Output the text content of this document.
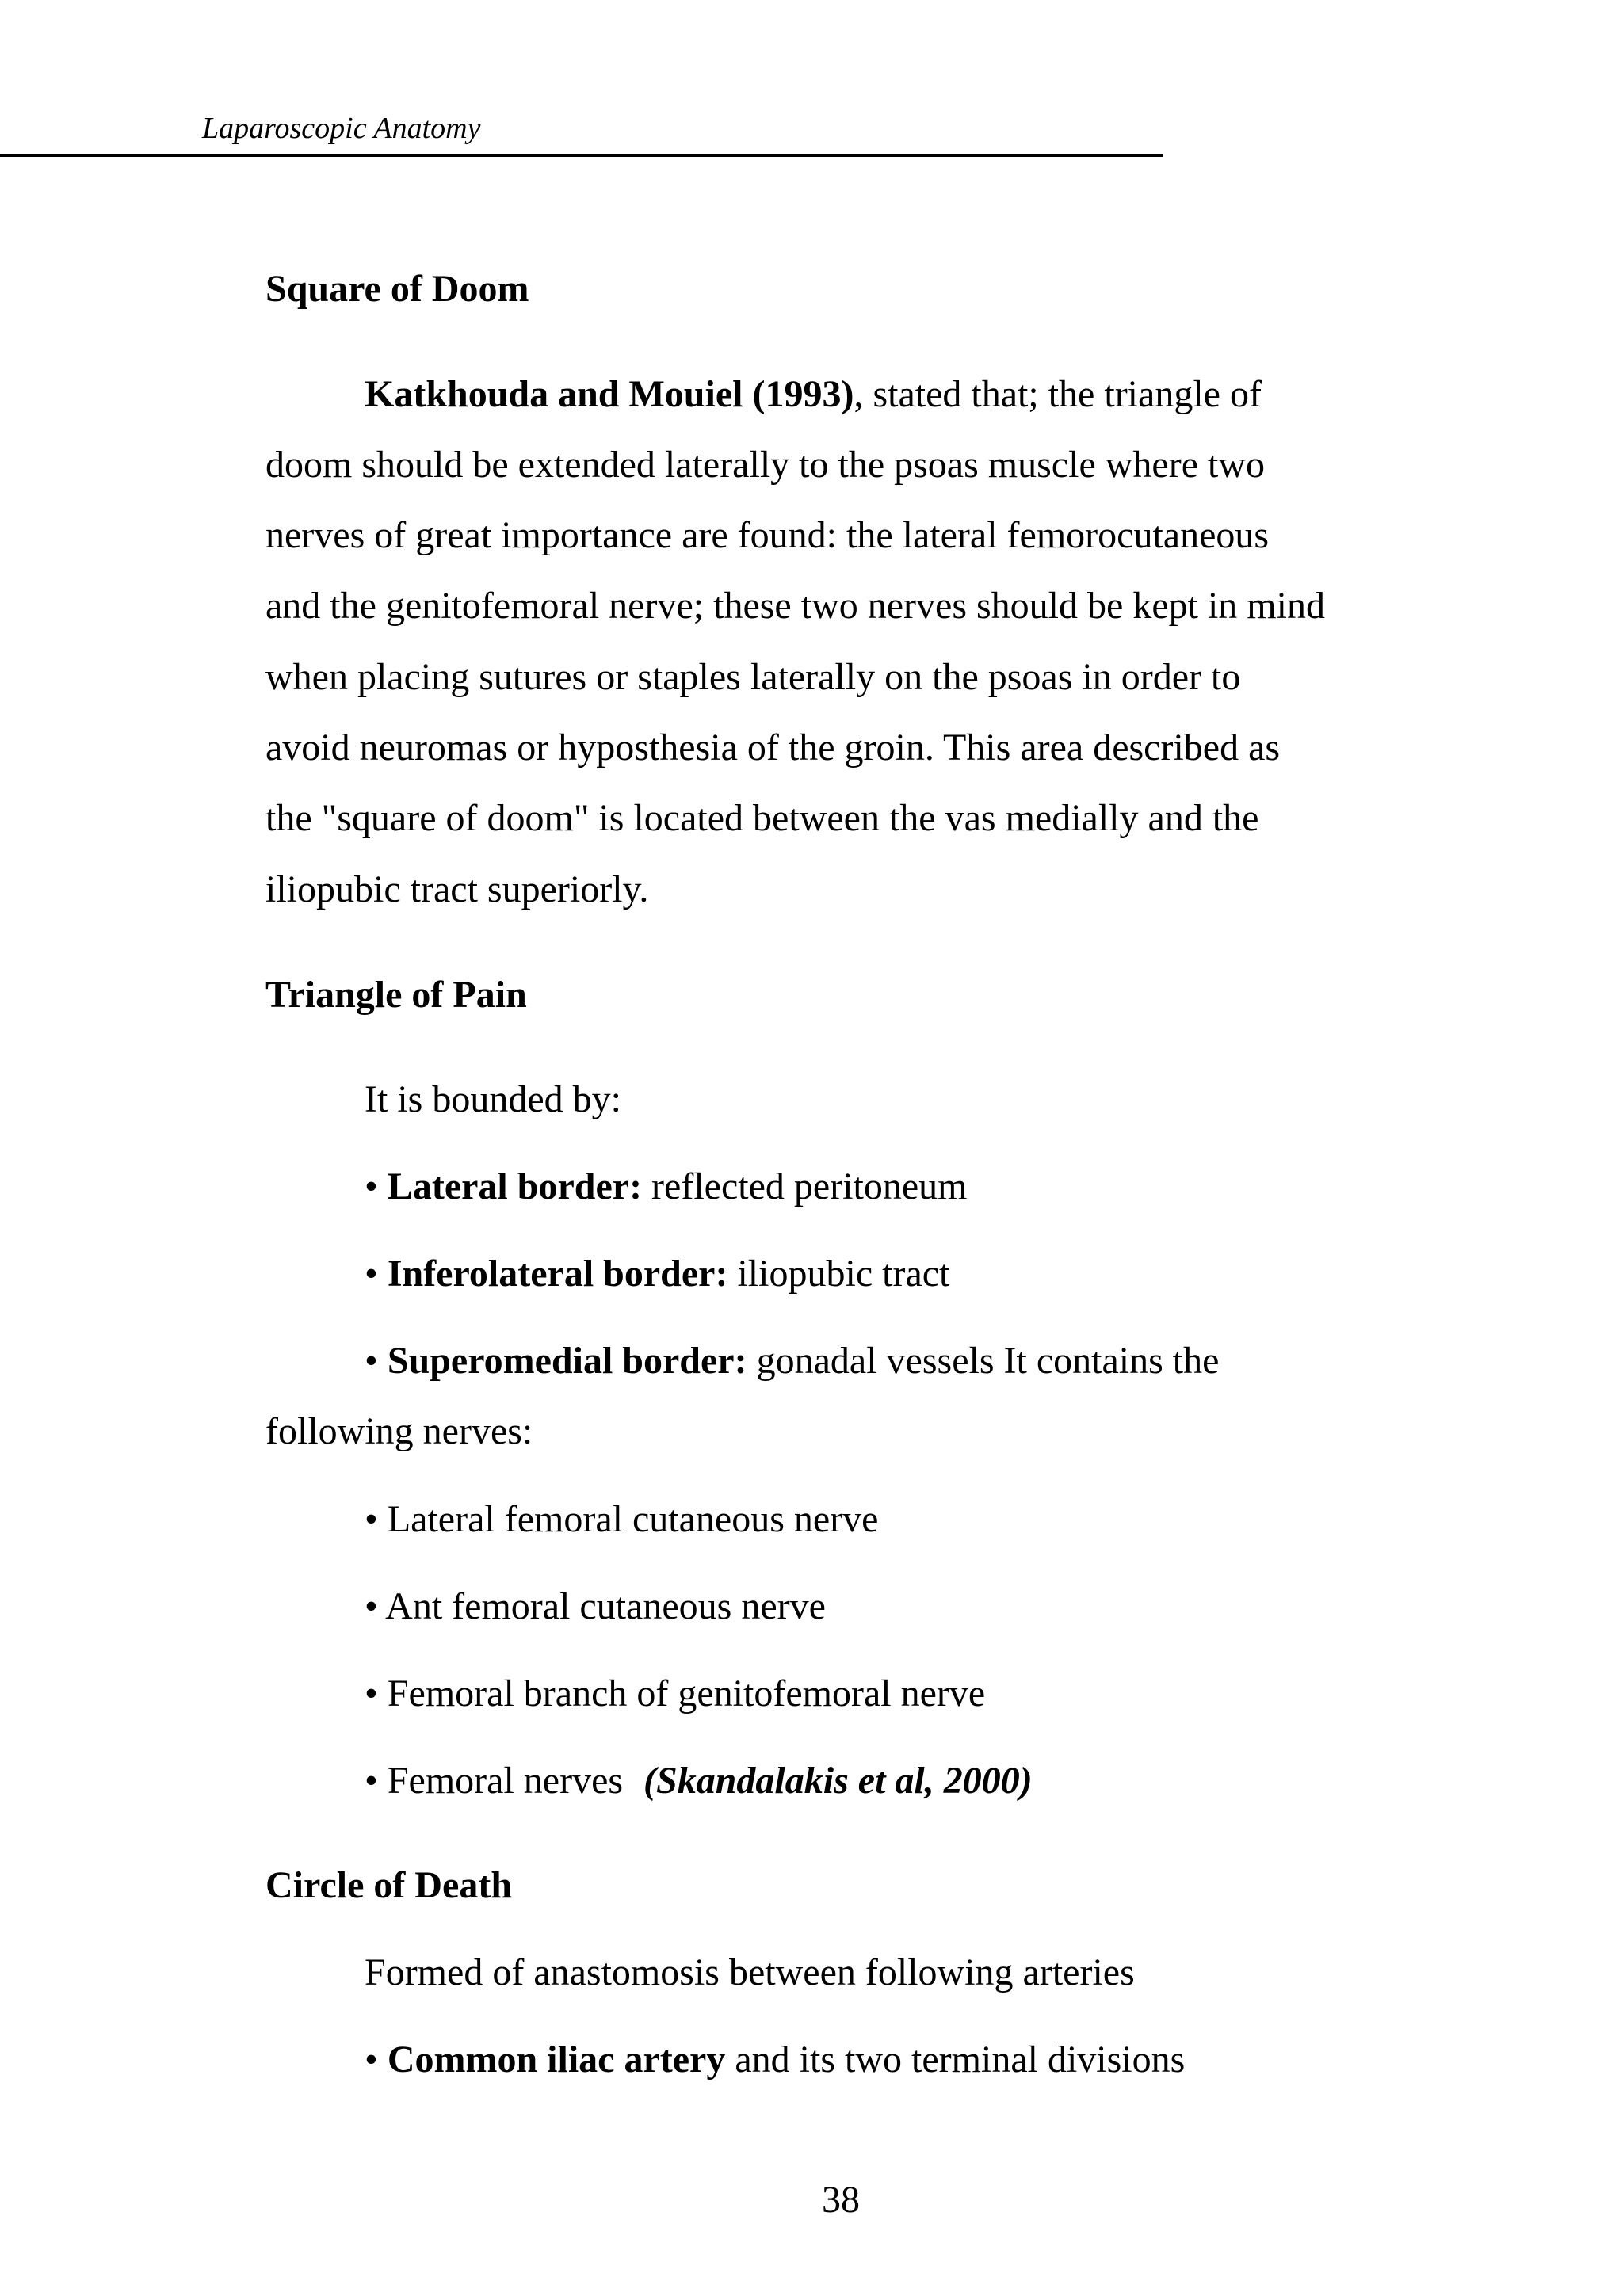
Laparoscopic Anatomy
Square of Doom
Katkhouda and Mouiel (1993), stated that; the triangle of
doom should be extended laterally to the psoas muscle where two
nerves of great importance are found: the lateral femorocutaneous
and the genitofemoral nerve; these two nerves should be kept in mind
when placing sutures or staples laterally on the psoas in order to
avoid neuromas or hyposthesia of the groin. This area described as
the "square of doom" is located between the vas medially and the
iliopubic tract superiorly.
Triangle of Pain
It is bounded by:
• Lateral border: reflected peritoneum
• Inferolateral border: iliopubic tract
• Superomedial border: gonadal vessels It contains the
following nerves:
• Lateral femoral cutaneous nerve
• Ant femoral cutaneous nerve
• Femoral branch of genitofemoral nerve
• Femoral nerves (Skandalakis et al, 2000)
Circle of Death
Formed of anastomosis between following arteries
• Common iliac artery and its two terminal divisions
38
